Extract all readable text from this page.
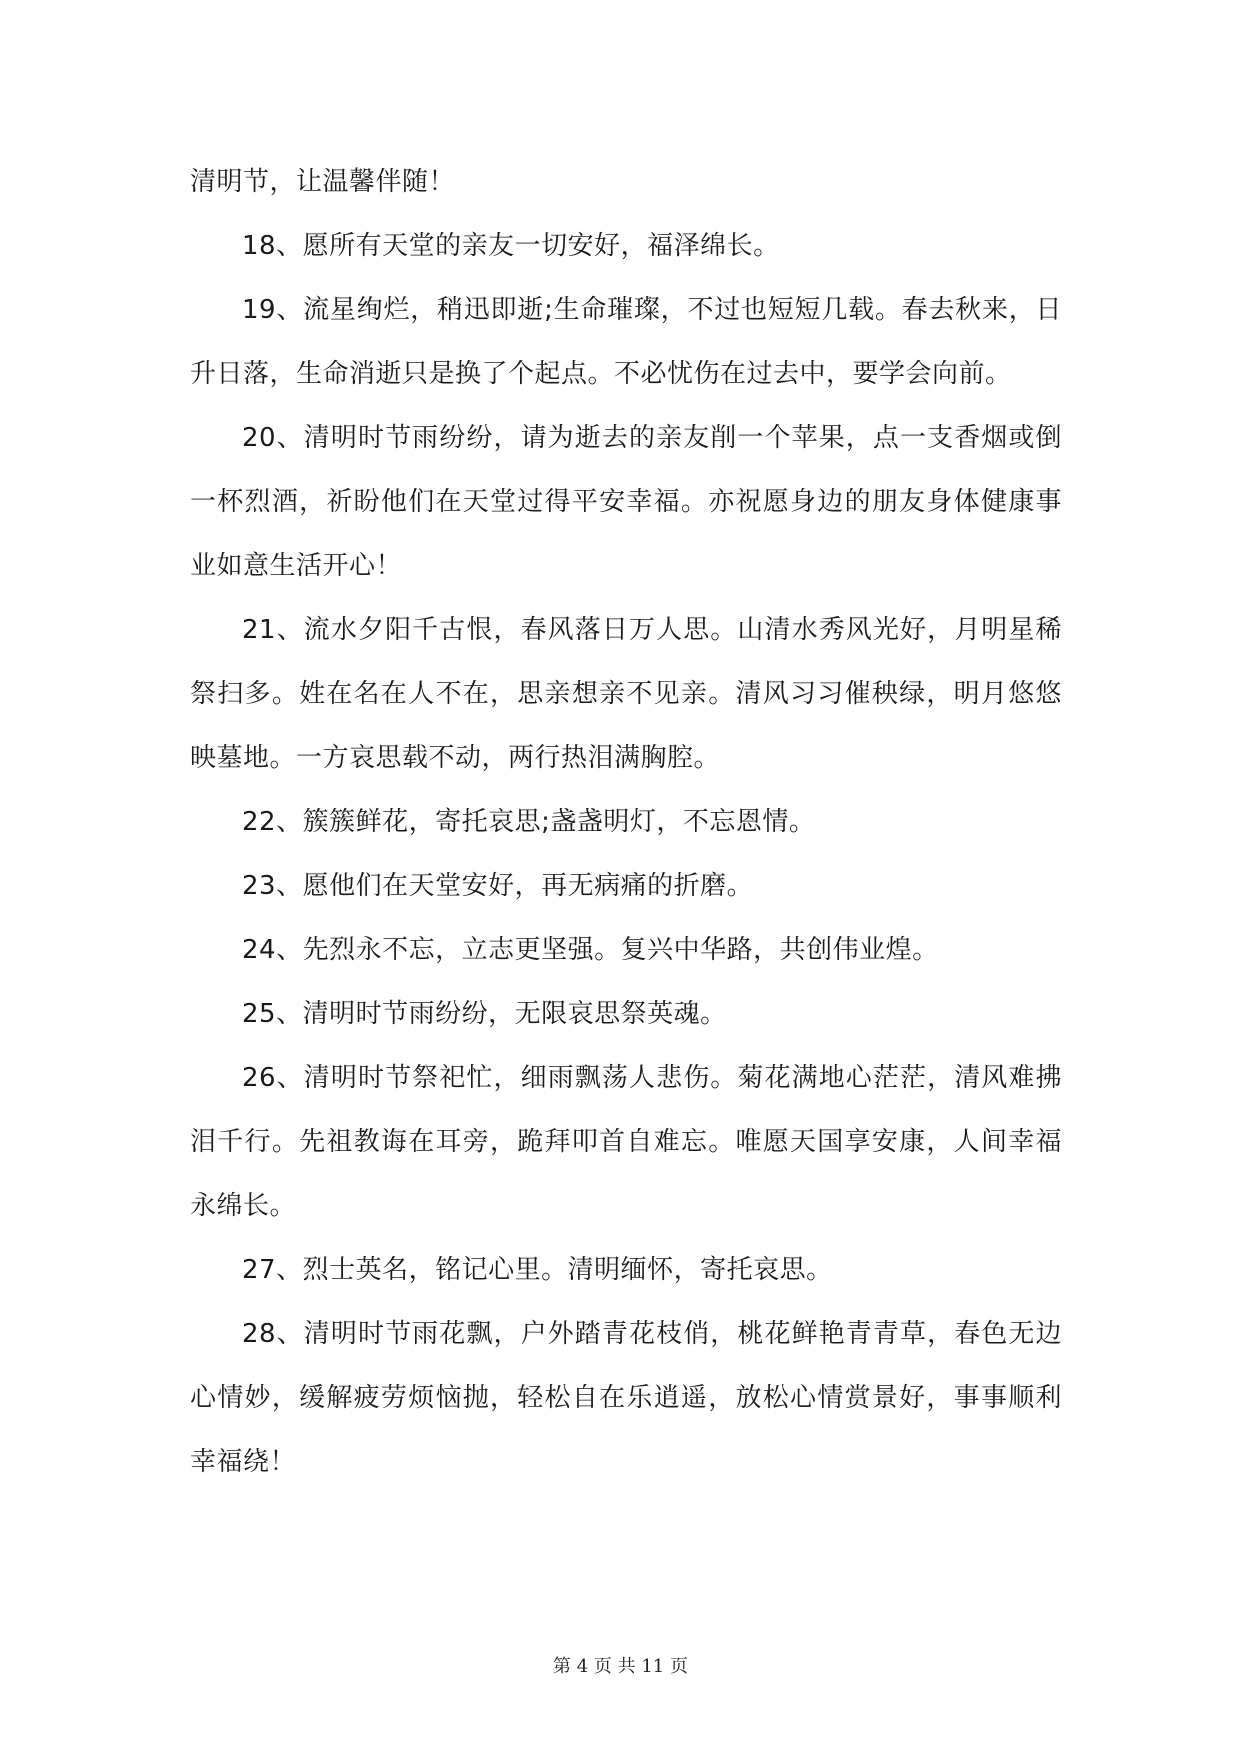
清明节，让温馨伴随！

18、愿所有天堂的亲友一切安好，福泽绵长。

19、流星绚烂，稍迅即逝;生命璀璨，不过也短短几载。春去秋来，日升日落，生命消逝只是换了个起点。不必忧伤在过去中，要学会向前。

20、清明时节雨纷纷，请为逝去的亲友削一个苹果，点一支香烟或倒一杯烈酒，祈盼他们在天堂过得平安幸福。亦祝愿身边的朋友身体健康事业如意生活开心！

21、流水夕阳千古恨，春风落日万人思。山清水秀风光好，月明星稀祭扫多。姓在名在人不在，思亲想亲不见亲。清风习习催秧绿，明月悠悠映墓地。一方哀思载不动，两行热泪满胸腔。

22、簇簇鲜花，寄托哀思;盏盏明灯，不忘恩情。

23、愿他们在天堂安好，再无病痛的折磨。

24、先烈永不忘，立志更坚强。复兴中华路，共创伟业煌。

25、清明时节雨纷纷，无限哀思祭英魂。

26、清明时节祭祀忙，细雨飘荡人悲伤。菊花满地心茫茫，清风难拂泪千行。先祖教诲在耳旁，跪拜叩首自难忘。唯愿天国享安康，人间幸福永绵长。

27、烈士英名，铭记心里。清明缅怀，寄托哀思。

28、清明时节雨花飘，户外踏青花枝俏，桃花鲜艳青青草，春色无边心情妙，缓解疲劳烦恼抛，轻松自在乐逍遥，放松心情赏景好，事事顺利幸福绕！

第 4 页 共 11 页
